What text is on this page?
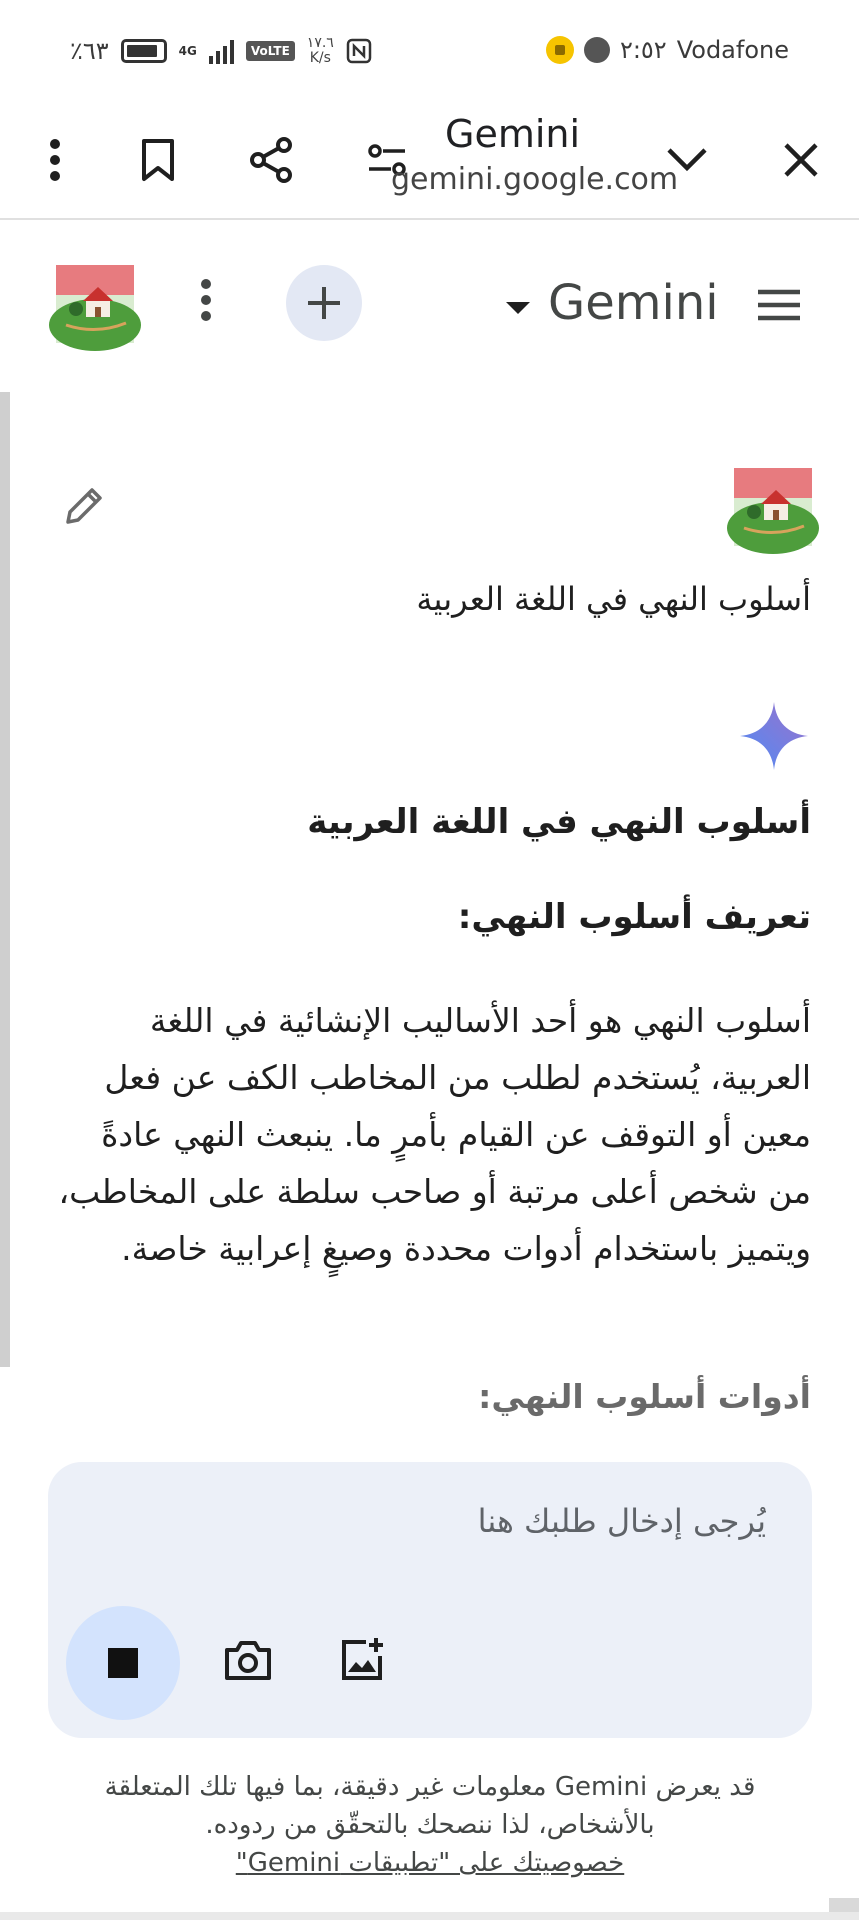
٪٦٣	4G	VoLTE	١٧.٦
K/s	٢:٥٢ Vodafone
Gemini
gemini.google.com
Gemini
أسلوب النهي في اللغة العربية
أسلوب النهي في اللغة العربية
تعريف أسلوب النهي:
أسلوب النهي هو أحد الأساليب الإنشائية في اللغة العربية، يُستخدم لطلب من المخاطب الكف عن فعل معين أو التوقف عن القيام بأمرٍ ما. ينبعث النهي عادةً من شخص أعلى مرتبة أو صاحب سلطة على المخاطب، ويتميز باستخدام أدوات محددة وصيغٍ إعرابية خاصة.
أدوات أسلوب النهي:
يُرجى إدخال طلبك هنا
قد يعرض Gemini معلومات غير دقيقة، بما فيها تلك المتعلقة
بالأشخاص، لذا ننصحك بالتحقّق من ردوده.
خصوصيتك على "تطبيقات Gemini"
